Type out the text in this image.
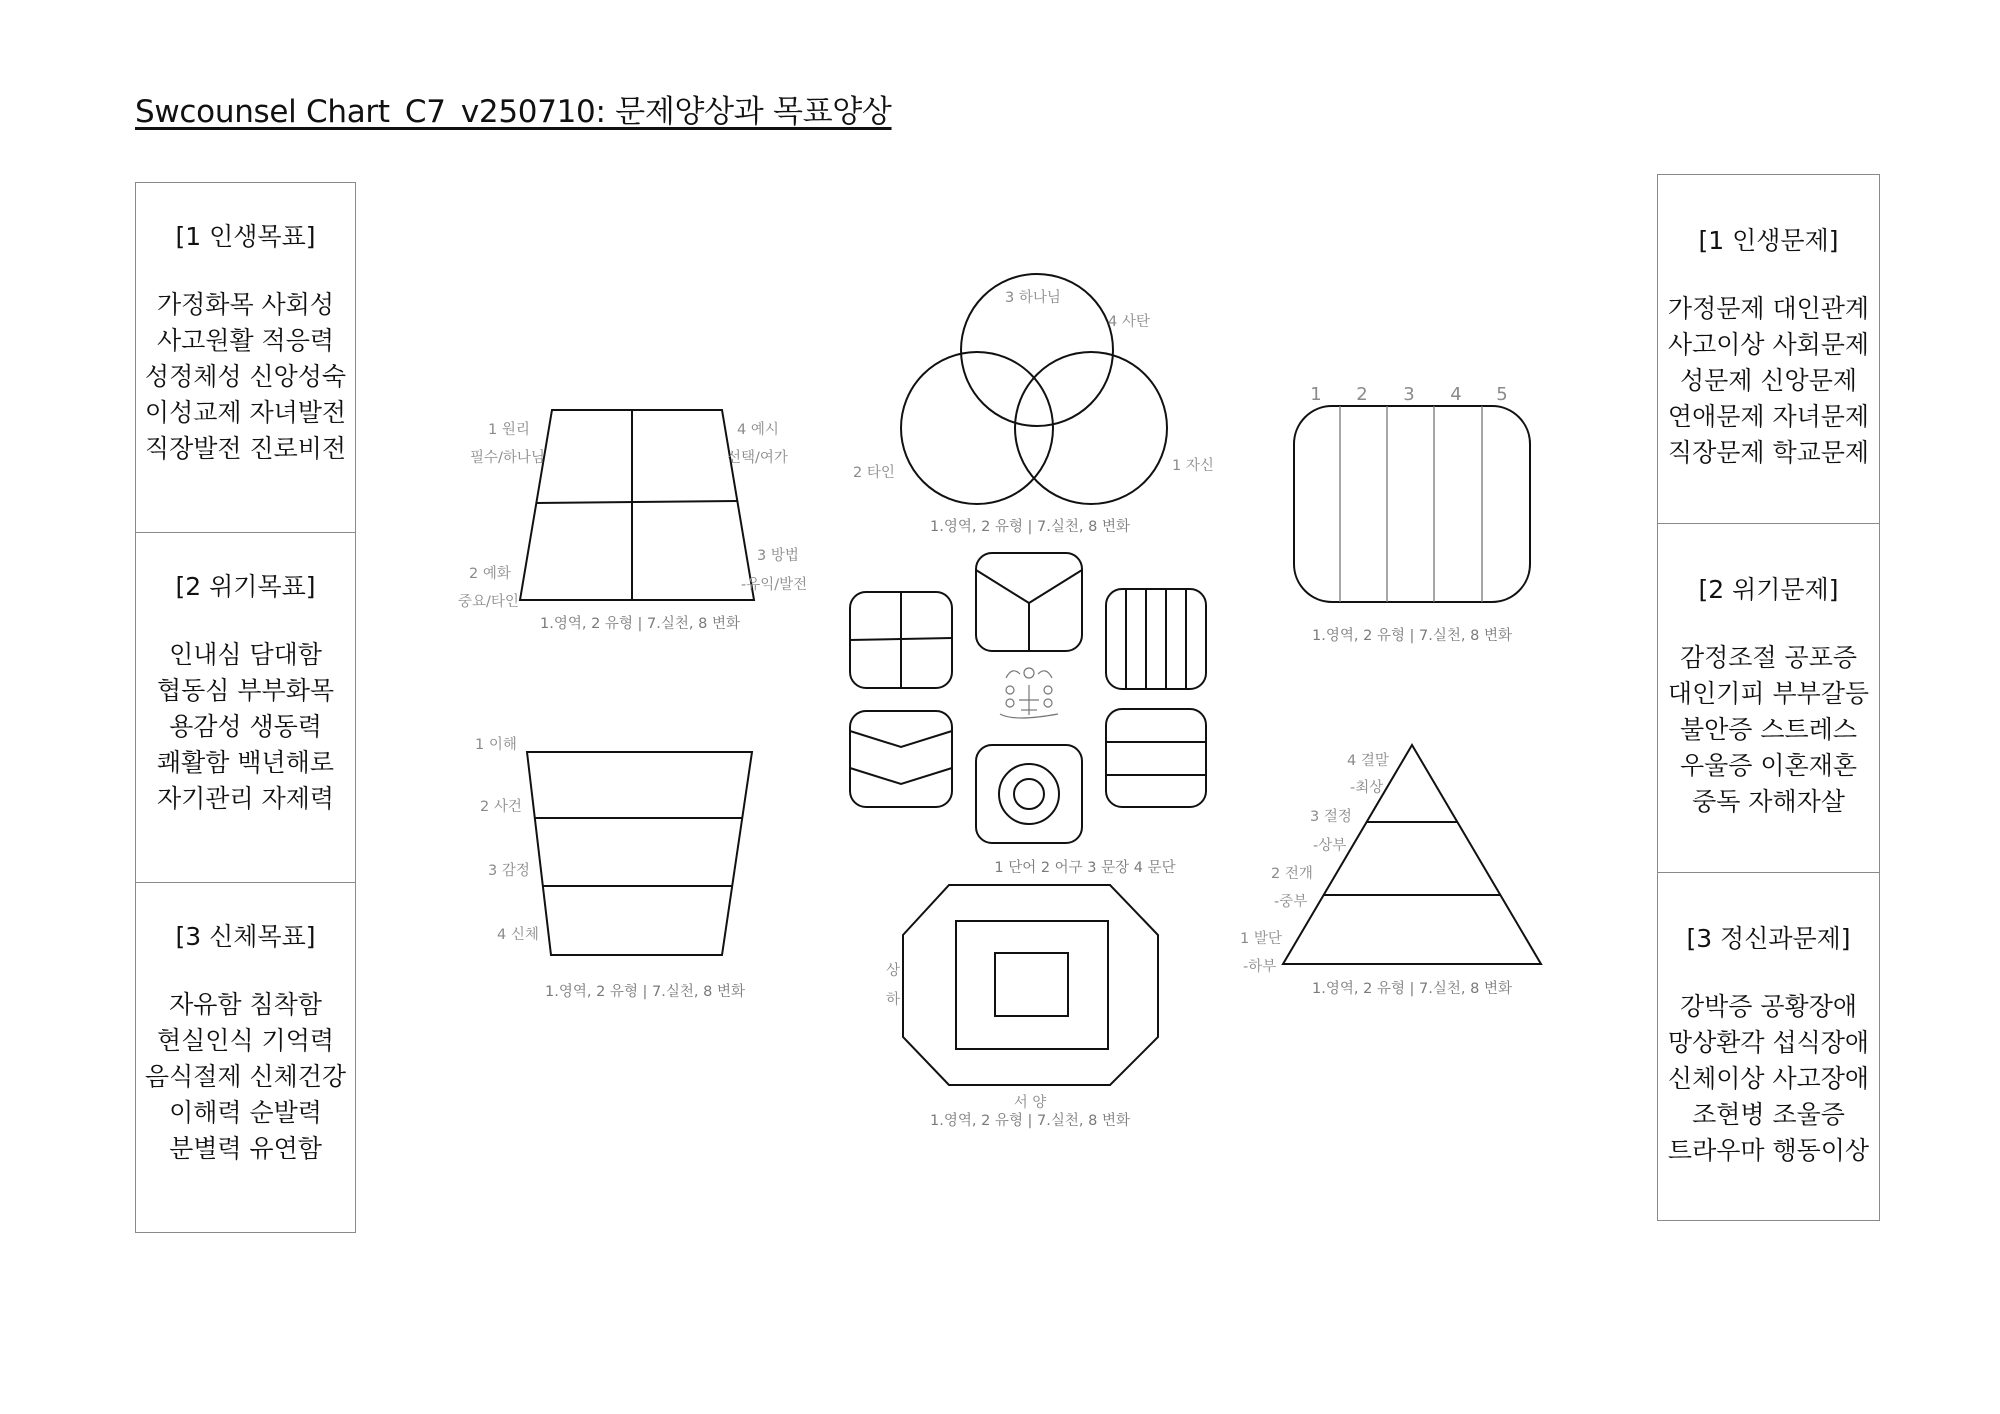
Swcounsel Chart_C7_v250710: 문제양상과 목표양상
[1 인생목표]
가정화목 사회성
사고원활 적응력
성정체성 신앙성숙
이성교제 자녀발전
직장발전 진로비전
[2 위기목표]
인내심 담대함
협동심 부부화목
용감성 생동력
쾌활함 백년해로
자기관리 자제력
[3 신체목표]
자유함 침착함
현실인식 기억력
음식절제 신체건강
이해력 순발력
분별력 유연함
[1 인생문제]
가정문제 대인관계
사고이상 사회문제
성문제 신앙문제
연애문제 자녀문제
직장문제 학교문제
[2 위기문제]
감정조절 공포증
대인기피 부부갈등
불안증 스트레스
우울증 이혼재혼
중독 자해자살
[3 정신과문제]
강박증 공황장애
망상환각 섭식장애
신체이상 사고장애
조현병 조울증
트라우마 행동이상
1 원리
필수/하나님
4 예시
선택/여가
3 방법
-유익/발전
2 예화
중요/타인
1.영역, 2 유형 | 7.실천, 8 변화
3 하나님
4 사탄
2 타인	1 자신
1.영역, 2 유형 | 7.실천, 8 변화
1 2 3 4 5
1.영역, 2 유형 | 7.실천, 8 변화
1 이해
2 사건
3 감정
4 신체
1.영역, 2 유형 | 7.실천, 8 변화
1 단어 2 어구 3 문장 4 문단
상
하
서 양
1.영역, 2 유형 | 7.실천, 8 변화
4 결말
-최상
3 절정
-상부
2 전개
-중부
1 발단
-하부
1.영역, 2 유형 | 7.실천, 8 변화
